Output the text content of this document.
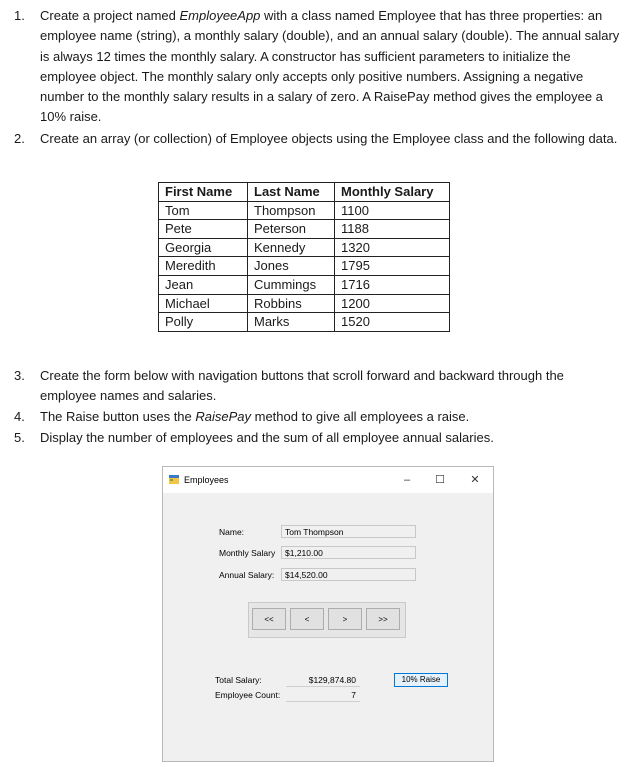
1.	Create a project named EmployeeApp with a class named Employee that has three properties: an employee name (string), a monthly salary (double), and an annual salary (double). The annual salary is always 12 times the monthly salary. A constructor has sufficient parameters to initialize the employee object. The monthly salary only accepts only positive numbers. Assigning a negative number to the monthly salary results in a salary of zero. A RaisePay method gives the employee a 10% raise.
2.	Create an array (or collection) of Employee objects using the Employee class and the following data.
3.	Create the form below with navigation buttons that scroll forward and backward through the employee names and salaries.
4.	The Raise button uses the RaisePay method to give all employees a raise.
5.	Display the number of employees and the sum of all employee annual salaries.
First Name	Last Name	Monthly Salary
Tom	Thompson	1100
Pete	Peterson	1188
Georgia	Kennedy	1320
Meredith	Jones	1795
Jean	Cummings	1716
Michael	Robbins	1200
Polly	Marks	1520
Employees	–	☐	✕
Name:	Tom Thompson
Monthly Salary	$1,210.00
Annual Salary:	$14,520.00
<<	<	>	>>
Total Salary:	$129,874.80
Employee Count:	7
10% Raise
